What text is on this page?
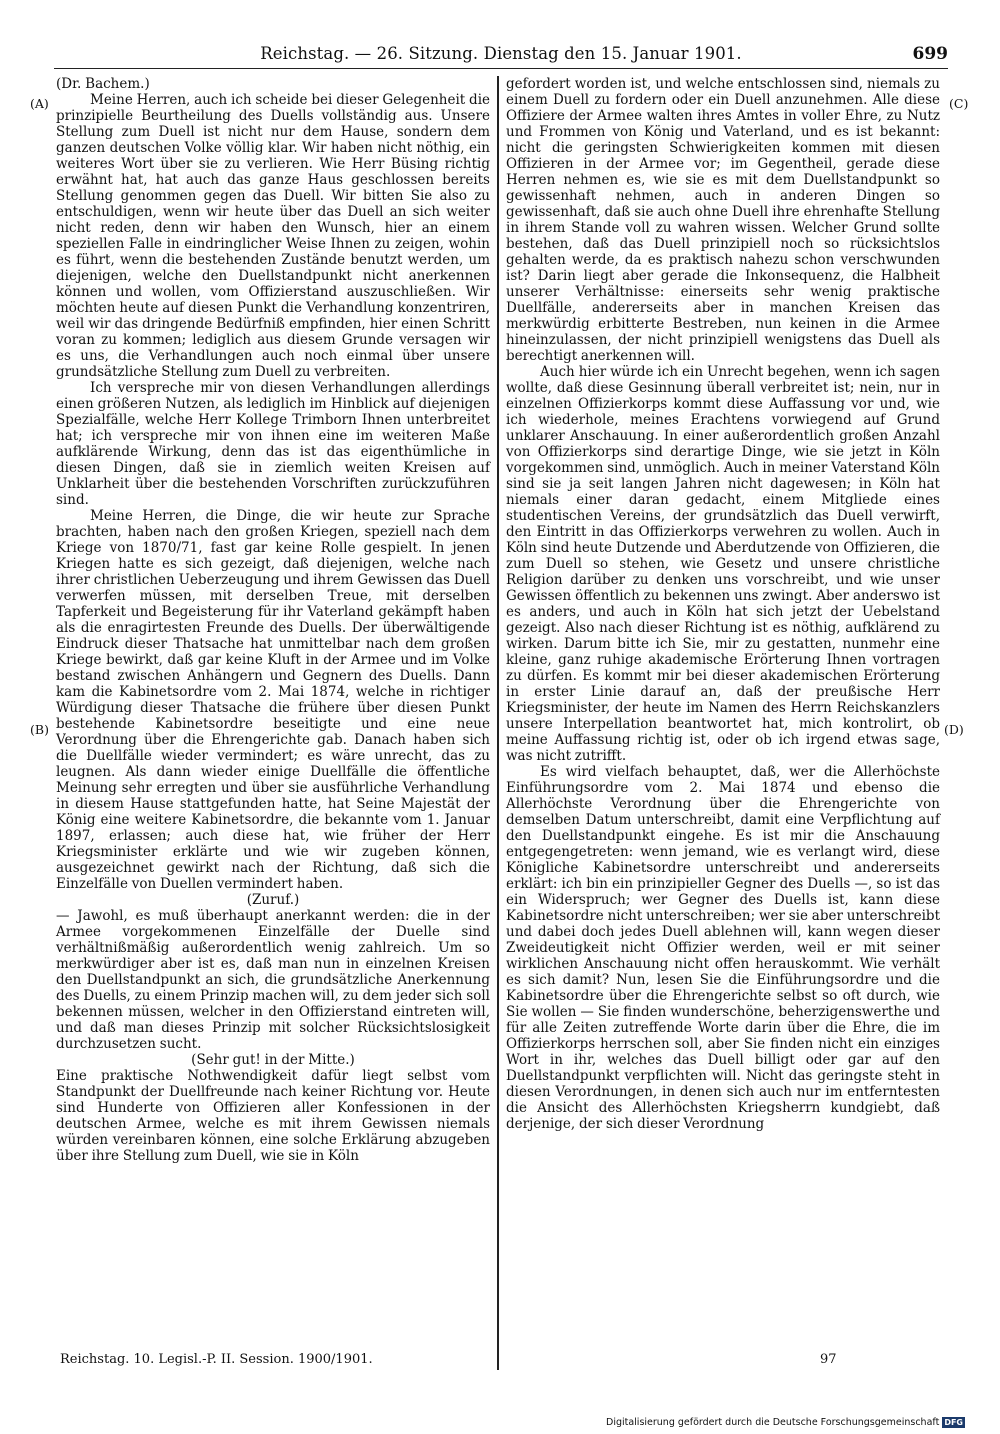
Reichstag. — 26. Sitzung. Dienstag den 15. Januar 1901.	699
(A)
(B)
(C)
(D)

(Dr. Bachem.)

Meine Herren, auch ich scheide bei dieser Gelegenheit die prinzipielle Beurtheilung des Duells vollständig aus. Unsere Stellung zum Duell ist nicht nur dem Hause, sondern dem ganzen deutschen Volke völlig klar. Wir haben nicht nöthig, ein weiteres Wort über sie zu verlieren. Wie Herr Büsing richtig erwähnt hat, hat auch das ganze Haus geschlossen bereits Stellung genommen gegen das Duell. Wir bitten Sie also zu entschuldigen, wenn wir heute über das Duell an sich weiter nicht reden, denn wir haben den Wunsch, hier an einem speziellen Falle in eindringlicher Weise Ihnen zu zeigen, wohin es führt, wenn die bestehenden Zustände benutzt werden, um diejenigen, welche den Duellstandpunkt nicht anerkennen können und wollen, vom Offizierstand auszuschließen. Wir möchten heute auf diesen Punkt die Verhandlung konzentriren, weil wir das dringende Bedürfniß empfinden, hier einen Schritt voran zu kommen; lediglich aus diesem Grunde versagen wir es uns, die Verhandlungen auch noch einmal über unsere grundsätzliche Stellung zum Duell zu verbreiten.

Ich verspreche mir von diesen Verhandlungen allerdings einen größeren Nutzen, als lediglich im Hinblick auf diejenigen Spezialfälle, welche Herr Kollege Trimborn Ihnen unterbreitet hat; ich verspreche mir von ihnen eine im weiteren Maße aufklärende Wirkung, denn das ist das eigenthümliche in diesen Dingen, daß sie in ziemlich weiten Kreisen auf Unklarheit über die bestehenden Vorschriften zurückzuführen sind.

Meine Herren, die Dinge, die wir heute zur Sprache brachten, haben nach den großen Kriegen, speziell nach dem Kriege von 1870/71, fast gar keine Rolle gespielt. In jenen Kriegen hatte es sich gezeigt, daß diejenigen, welche nach ihrer christlichen Ueberzeugung und ihrem Gewissen das Duell verwerfen müssen, mit derselben Treue, mit derselben Tapferkeit und Begeisterung für ihr Vaterland gekämpft haben als die enragirtesten Freunde des Duells. Der überwältigende Eindruck dieser Thatsache hat unmittelbar nach dem großen Kriege bewirkt, daß gar keine Kluft in der Armee und im Volke bestand zwischen Anhängern und Gegnern des Duells. Dann kam die Kabinetsordre vom 2. Mai 1874, welche in richtiger Würdigung dieser Thatsache die frühere über diesen Punkt bestehende Kabinetsordre beseitigte und eine neue Verordnung über die Ehrengerichte gab. Danach haben sich die Duellfälle wieder vermindert; es wäre unrecht, das zu leugnen. Als dann wieder einige Duellfälle die öffentliche Meinung sehr erregten und über sie ausführliche Verhandlung in diesem Hause stattgefunden hatte, hat Seine Majestät der König eine weitere Kabinetsordre, die bekannte vom 1. Januar 1897, erlassen; auch diese hat, wie früher der Herr Kriegsminister erklärte und wie wir zugeben können, ausgezeichnet gewirkt nach der Richtung, daß sich die Einzelfälle von Duellen vermindert haben.

(Zuruf.)

— Jawohl, es muß überhaupt anerkannt werden: die in der Armee vorgekommenen Einzelfälle der Duelle sind verhältnißmäßig außerordentlich wenig zahlreich. Um so merkwürdiger aber ist es, daß man nun in einzelnen Kreisen den Duellstandpunkt an sich, die grundsätzliche Anerkennung des Duells, zu einem Prinzip machen will, zu dem jeder sich soll bekennen müssen, welcher in den Offizierstand eintreten will, und daß man dieses Prinzip mit solcher Rücksichtslosigkeit durchzusetzen sucht.

(Sehr gut! in der Mitte.)

Eine praktische Nothwendigkeit dafür liegt selbst vom Standpunkt der Duellfreunde nach keiner Richtung vor. Heute sind Hunderte von Offizieren aller Konfessionen in der deutschen Armee, welche es mit ihrem Gewissen niemals würden vereinbaren können, eine solche Erklärung abzugeben über ihre Stellung zum Duell, wie sie in Köln

gefordert worden ist, und welche entschlossen sind, niemals zu einem Duell zu fordern oder ein Duell anzunehmen. Alle diese Offiziere der Armee walten ihres Amtes in voller Ehre, zu Nutz und Frommen von König und Vaterland, und es ist bekannt: nicht die geringsten Schwierigkeiten kommen mit diesen Offizieren in der Armee vor; im Gegentheil, gerade diese Herren nehmen es, wie sie es mit dem Duellstandpunkt so gewissenhaft nehmen, auch in anderen Dingen so gewissenhaft, daß sie auch ohne Duell ihre ehrenhafte Stellung in ihrem Stande voll zu wahren wissen. Welcher Grund sollte bestehen, daß das Duell prinzipiell noch so rücksichtslos gehalten werde, da es praktisch nahezu schon verschwunden ist? Darin liegt aber gerade die Inkonsequenz, die Halbheit unserer Verhältnisse: einerseits sehr wenig praktische Duellfälle, andererseits aber in manchen Kreisen das merkwürdig erbitterte Bestreben, nun keinen in die Armee hineinzulassen, der nicht prinzipiell wenigstens das Duell als berechtigt anerkennen will.

Auch hier würde ich ein Unrecht begehen, wenn ich sagen wollte, daß diese Gesinnung überall verbreitet ist; nein, nur in einzelnen Offizierkorps kommt diese Auffassung vor und, wie ich wiederhole, meines Erachtens vorwiegend auf Grund unklarer Anschauung. In einer außerordentlich großen Anzahl von Offizierkorps sind derartige Dinge, wie sie jetzt in Köln vorgekommen sind, unmöglich. Auch in meiner Vaterstand Köln sind sie ja seit langen Jahren nicht dagewesen; in Köln hat niemals einer daran gedacht, einem Mitgliede eines studentischen Vereins, der grundsätzlich das Duell verwirft, den Eintritt in das Offizierkorps verwehren zu wollen. Auch in Köln sind heute Dutzende und Aberdutzende von Offizieren, die zum Duell so stehen, wie Gesetz und unsere christliche Religion darüber zu denken uns vorschreibt, und wie unser Gewissen öffentlich zu bekennen uns zwingt. Aber anderswo ist es anders, und auch in Köln hat sich jetzt der Uebelstand gezeigt. Also nach dieser Richtung ist es nöthig, aufklärend zu wirken. Darum bitte ich Sie, mir zu gestatten, nunmehr eine kleine, ganz ruhige akademische Erörterung Ihnen vortragen zu dürfen. Es kommt mir bei dieser akademischen Erörterung in erster Linie darauf an, daß der preußische Herr Kriegsminister, der heute im Namen des Herrn Reichskanzlers unsere Interpellation beantwortet hat, mich kontrolirt, ob meine Auffassung richtig ist, oder ob ich irgend etwas sage, was nicht zutrifft.

Es wird vielfach behauptet, daß, wer die Allerhöchste Einführungsordre vom 2. Mai 1874 und ebenso die Allerhöchste Verordnung über die Ehrengerichte von demselben Datum unterschreibt, damit eine Verpflichtung auf den Duellstandpunkt eingehe. Es ist mir die Anschauung entgegengetreten: wenn jemand, wie es verlangt wird, diese Königliche Kabinetsordre unterschreibt und andererseits erklärt: ich bin ein prinzipieller Gegner des Duells —, so ist das ein Widerspruch; wer Gegner des Duells ist, kann diese Kabinetsordre nicht unterschreiben; wer sie aber unterschreibt und dabei doch jedes Duell ablehnen will, kann wegen dieser Zweideutigkeit nicht Offizier werden, weil er mit seiner wirklichen Anschauung nicht offen herauskommt. Wie verhält es sich damit? Nun, lesen Sie die Einführungsordre und die Kabinetsordre über die Ehrengerichte selbst so oft durch, wie Sie wollen — Sie finden wunderschöne, beherzigenswerthe und für alle Zeiten zutreffende Worte darin über die Ehre, die im Offizierkorps herrschen soll, aber Sie finden nicht ein einziges Wort in ihr, welches das Duell billigt oder gar auf den Duellstandpunkt verpflichten will. Nicht das geringste steht in diesen Verordnungen, in denen sich auch nur im entferntesten die Ansicht des Allerhöchsten Kriegsherrn kundgiebt, daß derjenige, der sich dieser Verordnung

Reichstag. 10. Legisl.-P. II. Session. 1900/1901.	97
Digitalisierung gefördert durch die Deutsche Forschungsgemeinschaft DFG
